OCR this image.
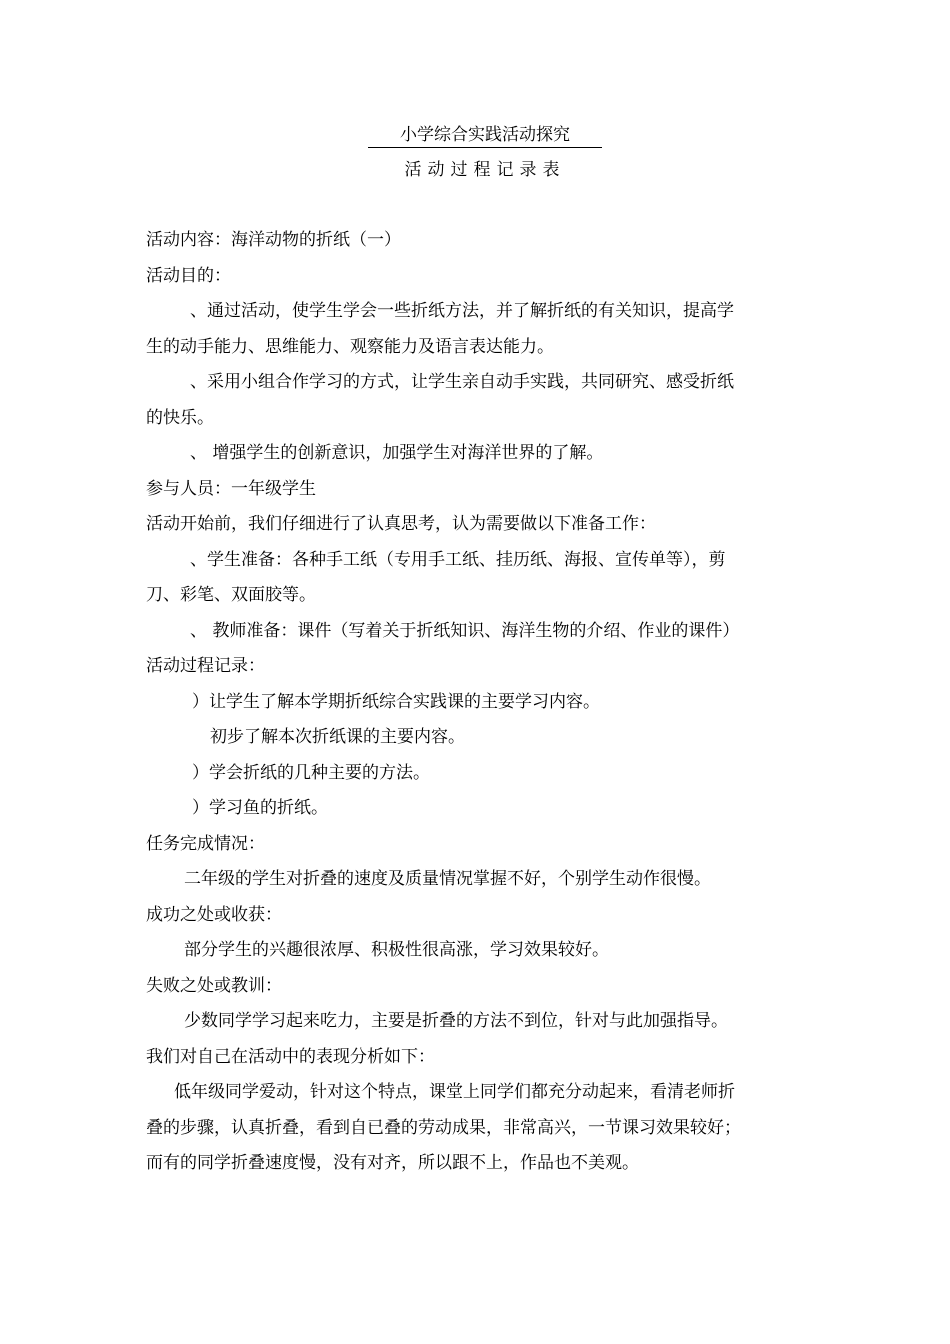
小学综合实践活动探究
活动过程记录表
活动内容：海洋动物的折纸（一）
活动目的：
、通过活动，使学生学会一些折纸方法，并了解折纸的有关知识，提高学
生的动手能力、思维能力、观察能力及语言表达能力。
、采用小组合作学习的方式，让学生亲自动手实践，共同研究、感受折纸
的快乐。
、 增强学生的创新意识，加强学生对海洋世界的了解。
参与人员：一年级学生
活动开始前，我们仔细进行了认真思考，认为需要做以下准备工作：
、学生准备：各种手工纸（专用手工纸、挂历纸、海报、宣传单等），剪
刀、彩笔、双面胶等。
、 教师准备：课件（写着关于折纸知识、海洋生物的介绍、作业的课件）
活动过程记录：
）让学生了解本学期折纸综合实践课的主要学习内容。
初步了解本次折纸课的主要内容。
）学会折纸的几种主要的方法。
）学习鱼的折纸。
任务完成情况：
二年级的学生对折叠的速度及质量情况掌握不好，个别学生动作很慢。
成功之处或收获：
部分学生的兴趣很浓厚、积极性很高涨，学习效果较好。
失败之处或教训：
少数同学学习起来吃力，主要是折叠的方法不到位，针对与此加强指导。
我们对自己在活动中的表现分析如下：
低年级同学爱动，针对这个特点，课堂上同学们都充分动起来，看清老师折
叠的步骤，认真折叠，看到自已叠的劳动成果，非常高兴，一节课习效果较好；
而有的同学折叠速度慢，没有对齐，所以跟不上，作品也不美观。
